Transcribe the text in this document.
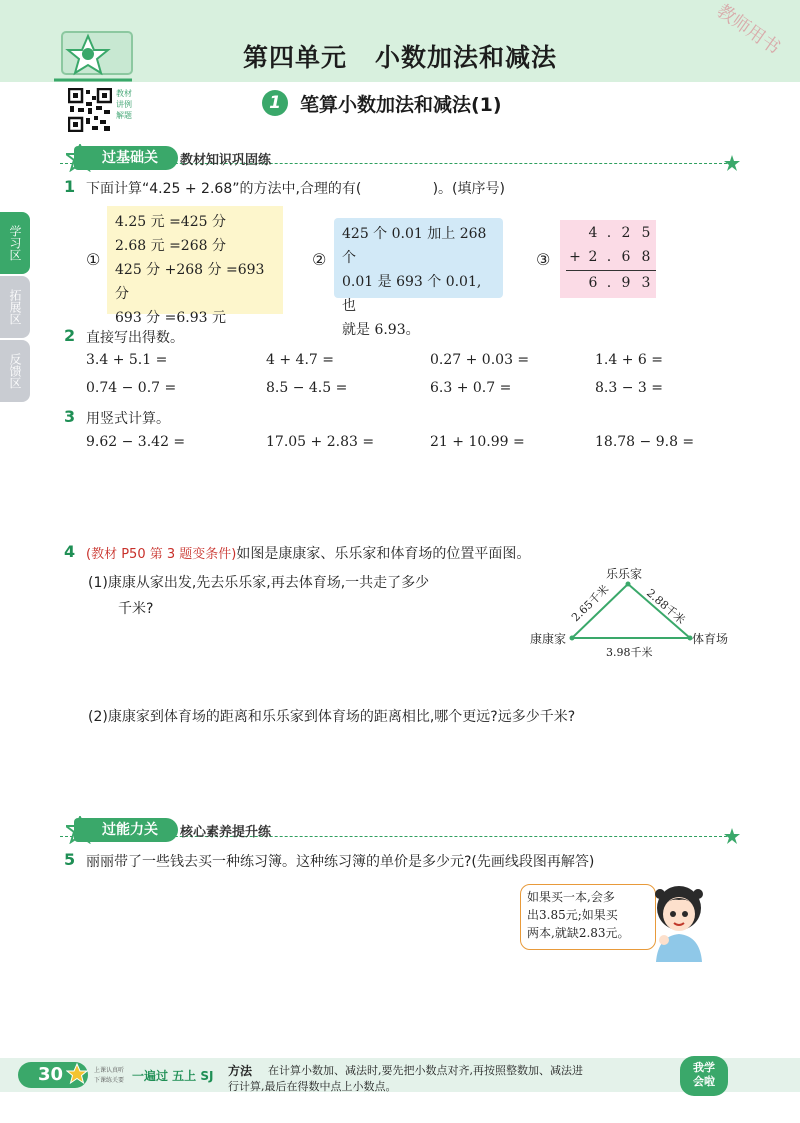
第四单元 小数加法和减法	教师用书
教材讲例解题
1	笔算小数加法和减法(1)
学习区
拓展区
反馈区
过基础关	教材知识巩固练
1 下面计算“4.25 + 2.68”的方法中,合理的有(                )。(填序号)
①
4.25 元 =425 分
2.68 元 =268 分
425 分 +268 分 =693 分
693 分 =6.93 元
②
425 个 0.01 加上 268 个
0.01 是 693 个 0.01,也
就是 6.93。
③
	4	.	2	5
+	2	.	6	8
	6	.	9	3
2 直接写出得数。
3.4 + 5.1 =	4 + 4.7 =	0.27 + 0.03 =	1.4 + 6 =
0.74 − 0.7 =	8.5 − 4.5 =	6.3 + 0.7 =	8.3 − 3 =
3 用竖式计算。
9.62 − 3.42 =	17.05 + 2.83 =	21 + 10.99 =	18.78 − 9.8 =
4 (教材 P50 第 3 题变条件)如图是康康家、乐乐家和体育场的位置平面图。
(1)康康从家出发,先去乐乐家,再去体育场,一共走了多少
千米?
乐乐家
康康家	体育场
2.65千米	2.88千米
3.98千米
(2)康康家到体育场的距离和乐乐家到体育场的距离相比,哪个更远?远多少千米?
过能力关	核心素养提升练
5 丽丽带了一些钱去买一种练习簿。这种练习簿的单价是多少元?(先画线段图再解答)
如果买一本,会多
出3.85元;如果买
两本,就缺2.83元。
30	上课认真听
下课练关要 一遍过 五上 SJ 方法 在计算小数加、减法时,要先把小数点对齐,再按照整数加、减法进
行计算,最后在得数中点上小数点。
我学会啦
